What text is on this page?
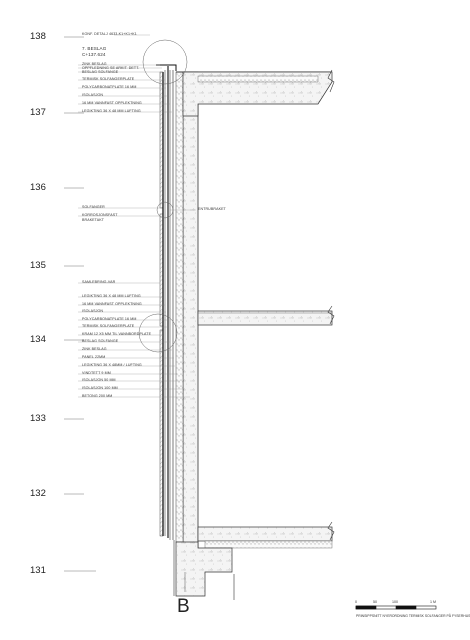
138
137
136
135
134
133
132
131
KONF. DETALJ 4633-K1+K1+K1
7. BESLAG
C+137.624
ZINK BESLAG
OPPFLEDNING SE ARKIT. DETT.
BESLAG SOLFANGE
TERMISK SOLFANGERPLATE
POLYCARBONATPLATE 16 MM
ISOLASJON
16 MM VANNFAST OPPLEKTNING
LEGIKTING 36 X 48 MM LUFTING
SOLFANGER
KORROSJONSFAST
BRAKETAKT
ENTRUBRAKET
SAMLEBRING-VAR
LEGIKTING 36 X 48 MM LUFTING
16 MM VANNFAST OPPLEKTNING
ISOLASJON
POLYCARBONATPLATE 16 MM
TERMISK SOLFANGERPLATE
KRAM 12 X5 MM TIL VANNBORDPLATE
BESLAG SOLFANGE
ZINK BESLAG
PANEL 22MM
LEGIKTING 36 X 48MM / LUFTING
VINDTETT 9 MM
ISOLASJON 50 MM
ISOLASJON 100 MM
BETONG 200 MM
B	0	50	100	1 M
PRINSIPPSNITT NYERORDNING TERMISK SOLFANGER PÅ FYSERHUS
